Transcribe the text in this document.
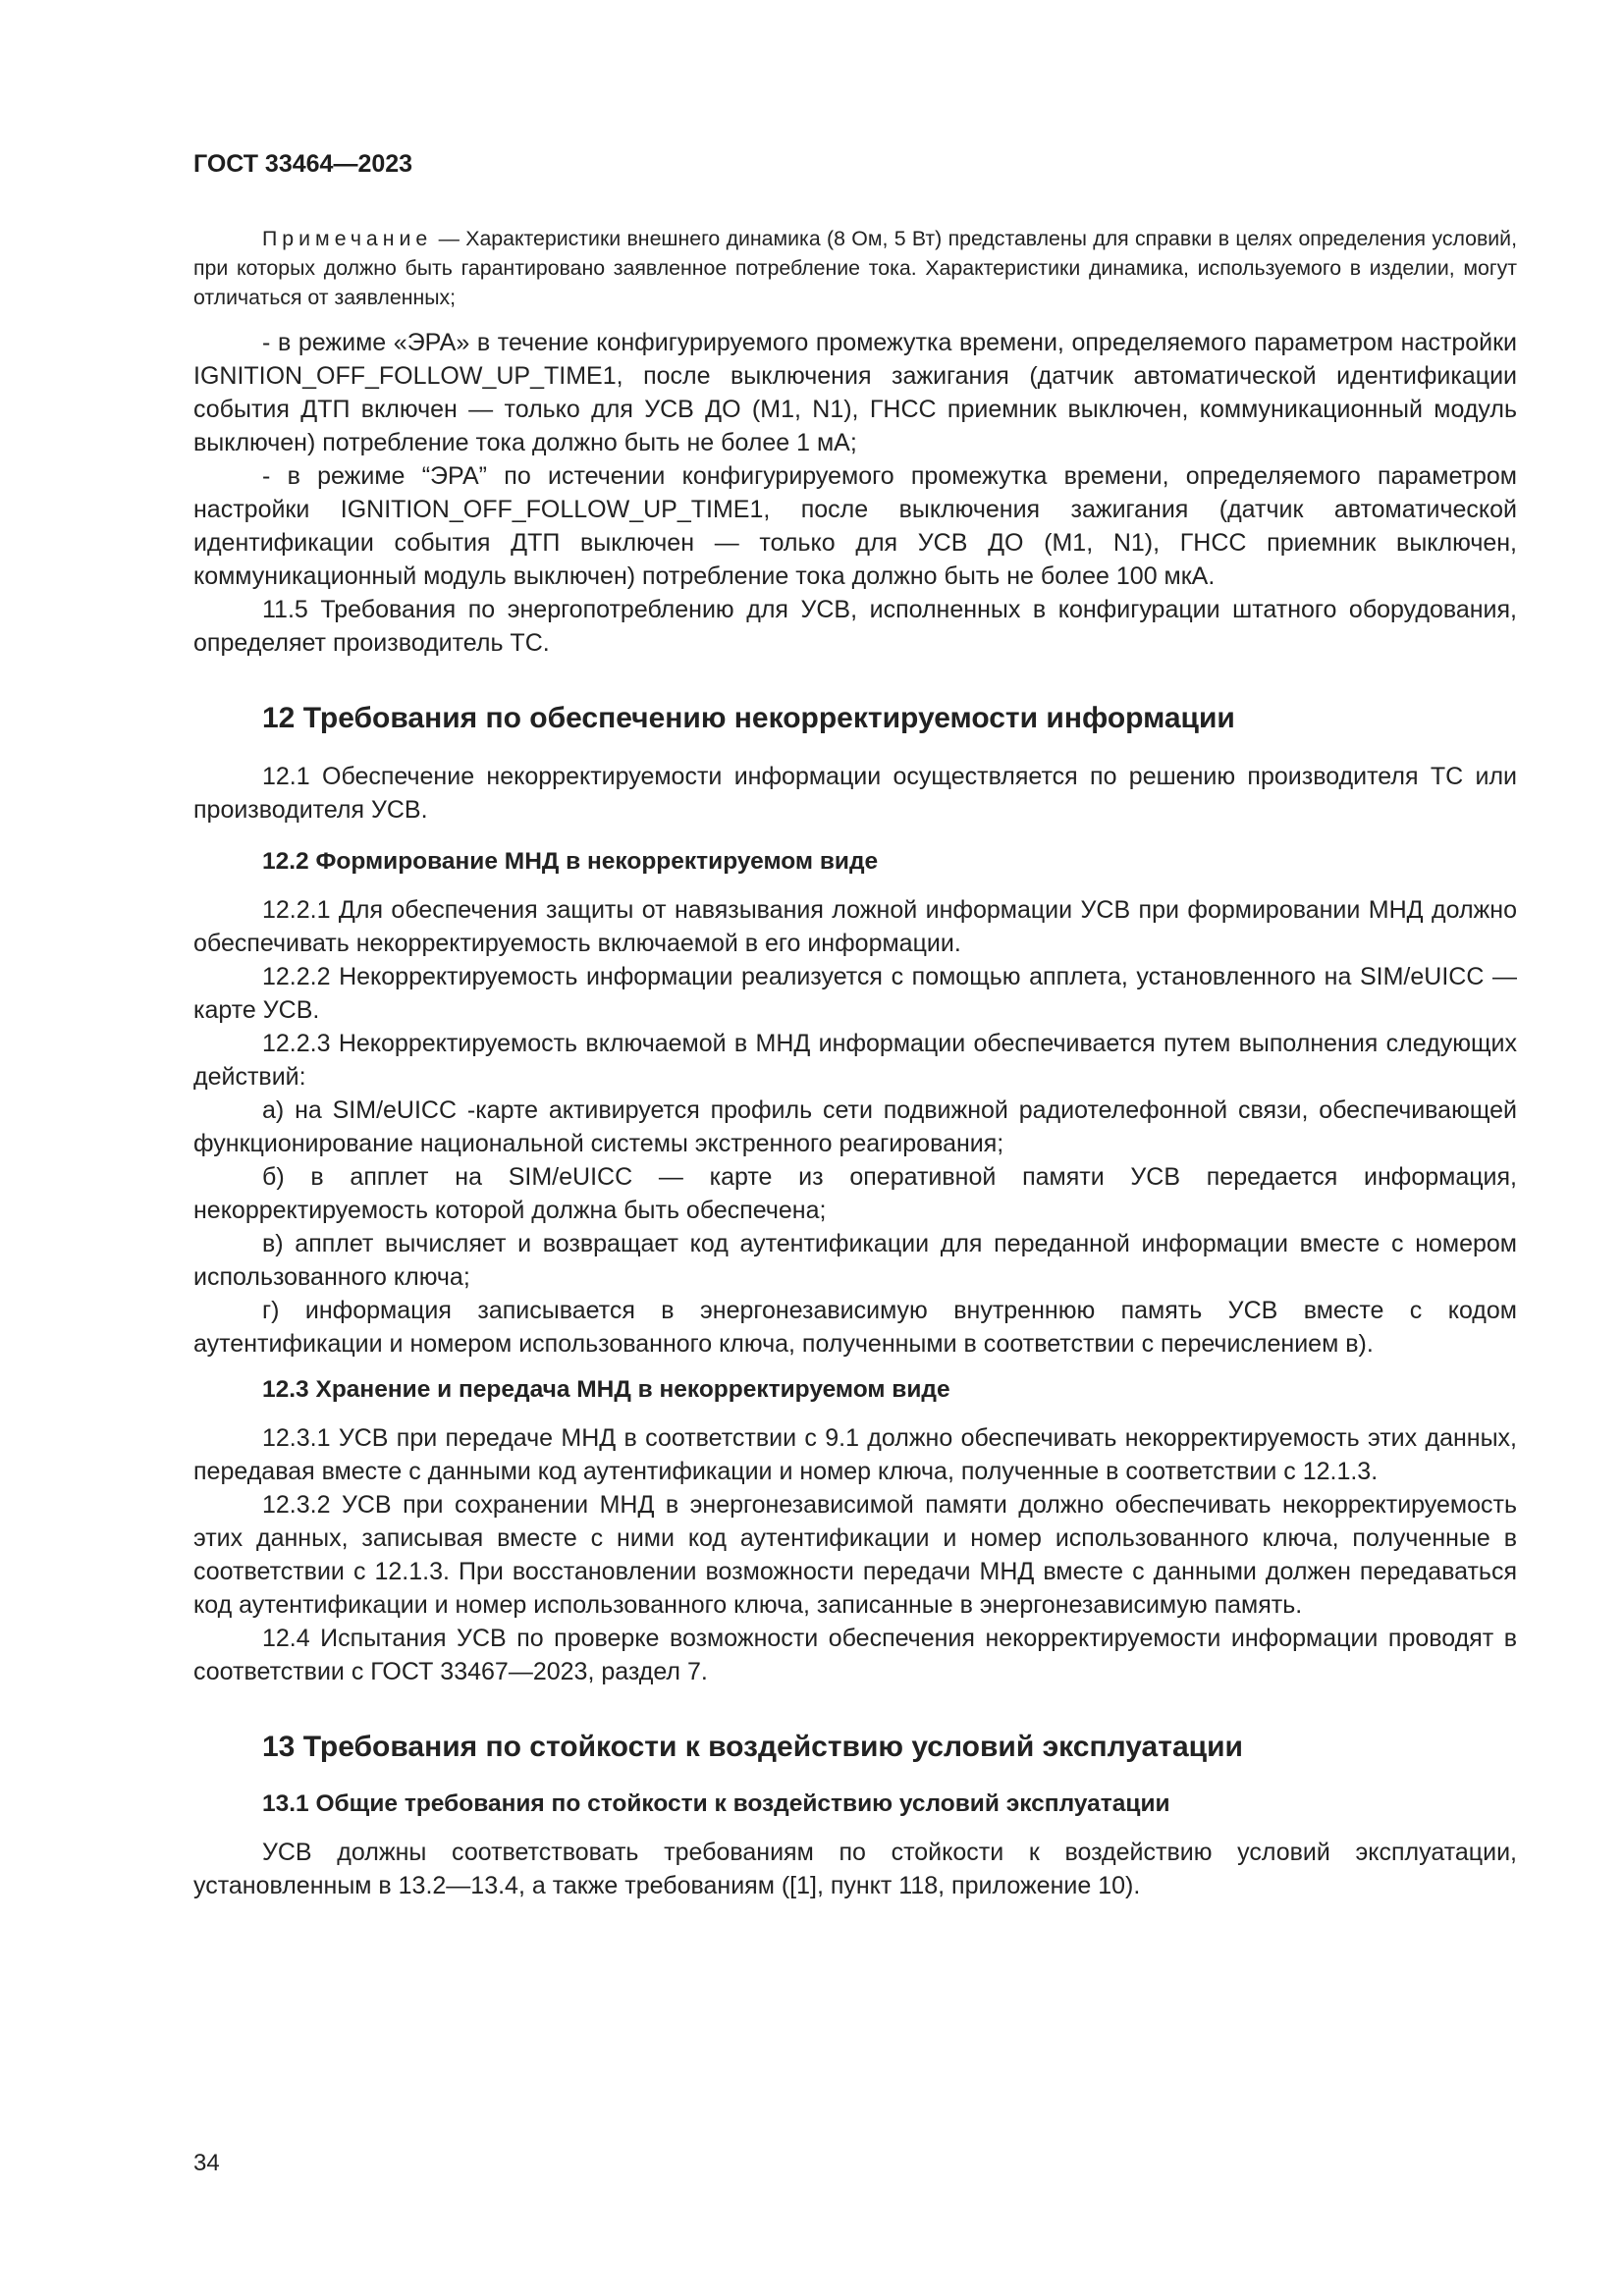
ГОСТ 33464—2023

Примечание — Характеристики внешнего динамика (8 Ом, 5 Вт) представлены для справки в целях определения условий, при которых должно быть гарантировано заявленное потребление тока. Характеристики динамика, используемого в изделии, могут отличаться от заявленных;

- в режиме «ЭРА» в течение конфигурируемого промежутка времени, определяемого параметром настройки IGNITION_OFF_FOLLOW_UP_TIME1, после выключения зажигания (датчик автоматической идентификации события ДТП включен — только для УСВ ДО (М1, N1), ГНСС приемник выключен, коммуникационный модуль выключен) потребление тока должно быть не более 1 мА;

- в режиме “ЭРА” по истечении конфигурируемого промежутка времени, определяемого параметром настройки IGNITION_OFF_FOLLOW_UP_TIME1, после выключения зажигания (датчик автоматической идентификации события ДТП выключен — только для УСВ ДО (М1, N1), ГНСС приемник выключен, коммуникационный модуль выключен) потребление тока должно быть не более 100 мкА.

11.5 Требования по энергопотреблению для УСВ, исполненных в конфигурации штатного оборудования, определяет производитель ТС.

12 Требования по обеспечению некорректируемости информации

12.1 Обеспечение некорректируемости информации осуществляется по решению производителя ТС или производителя УСВ.

12.2 Формирование МНД в некорректируемом виде

12.2.1 Для обеспечения защиты от навязывания ложной информации УСВ при формировании МНД должно обеспечивать некорректируемость включаемой в его информации.

12.2.2 Некорректируемость информации реализуется с помощью апплета, установленного на SIM/eUICC — карте УСВ.

12.2.3 Некорректируемость включаемой в МНД информации обеспечивается путем выполнения следующих действий:

а) на SIM/eUICC -карте активируется профиль сети подвижной радиотелефонной связи, обеспечивающей функционирование национальной системы экстренного реагирования;

б) в апплет на SIM/eUICC — карте из оперативной памяти УСВ передается информация, некорректируемость которой должна быть обеспечена;

в) апплет вычисляет и возвращает код аутентификации для переданной информации вместе с номером использованного ключа;

г) информация записывается в энергонезависимую внутреннюю память УСВ вместе с кодом аутентификации и номером использованного ключа, полученными в соответствии с перечислением в).

12.3 Хранение и передача МНД в некорректируемом виде

12.3.1 УСВ при передаче МНД в соответствии с 9.1 должно обеспечивать некорректируемость этих данных, передавая вместе с данными код аутентификации и номер ключа, полученные в соответствии с 12.1.3.

12.3.2 УСВ при сохранении МНД в энергонезависимой памяти должно обеспечивать некорректируемость этих данных, записывая вместе с ними код аутентификации и номер использованного ключа, полученные в соответствии с 12.1.3. При восстановлении возможности передачи МНД вместе с данными должен передаваться код аутентификации и номер использованного ключа, записанные в энергонезависимую память.

12.4 Испытания УСВ по проверке возможности обеспечения некорректируемости информации проводят в соответствии с ГОСТ 33467—2023, раздел 7.

13 Требования по стойкости к воздействию условий эксплуатации
13.1 Общие требования по стойкости к воздействию условий эксплуатации

УСВ должны соответствовать требованиям по стойкости к воздействию условий эксплуатации, установленным в 13.2—13.4, а также требованиям ([1], пункт 118, приложение 10).

34
